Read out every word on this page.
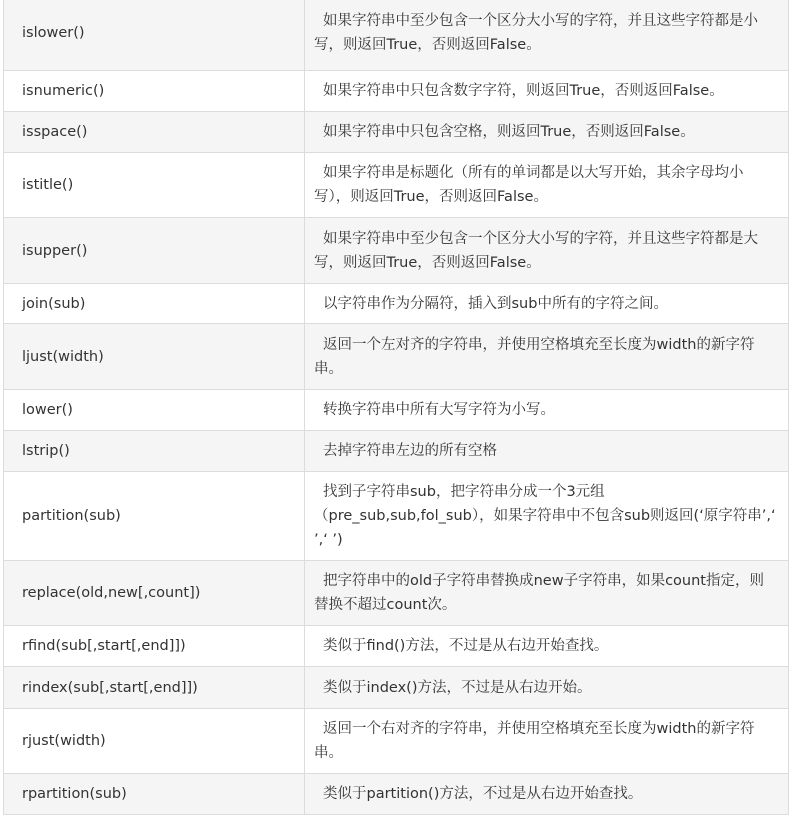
islower()	如果字符串中至少包含一个区分大小写的字符，并且这些字符都是小写，则返回True，否则返回False。

isnumeric()	如果字符串中只包含数字字符，则返回True，否则返回False。

isspace()	如果字符串中只包含空格，则返回True，否则返回False。

istitle()	如果字符串是标题化（所有的单词都是以大写开始，其余字母均小写），则返回True，否则返回False。

isupper()	如果字符串中至少包含一个区分大小写的字符，并且这些字符都是大写，则返回True，否则返回False。

join(sub)	以字符串作为分隔符，插入到sub中所有的字符之间。

ljust(width)	返回一个左对齐的字符串，并使用空格填充至长度为width的新字符串。

lower()	转换字符串中所有大写字符为小写。

lstrip()	去掉字符串左边的所有空格

partition(sub)	找到子字符串sub，把字符串分成一个3元组（pre_sub,sub,fol_sub），如果字符串中不包含sub则返回(‘原字符串’,‘ ’,‘ ’)

replace(old,new[,count])	把字符串中的old子字符串替换成new子字符串，如果count指定，则替换不超过count次。

rfind(sub[,start[,end]])	类似于find()方法，不过是从右边开始查找。

rindex(sub[,start[,end]])	类似于index()方法，不过是从右边开始。

rjust(width)	返回一个右对齐的字符串，并使用空格填充至长度为width的新字符串。

rpartition(sub)	类似于partition()方法，不过是从右边开始查找。
